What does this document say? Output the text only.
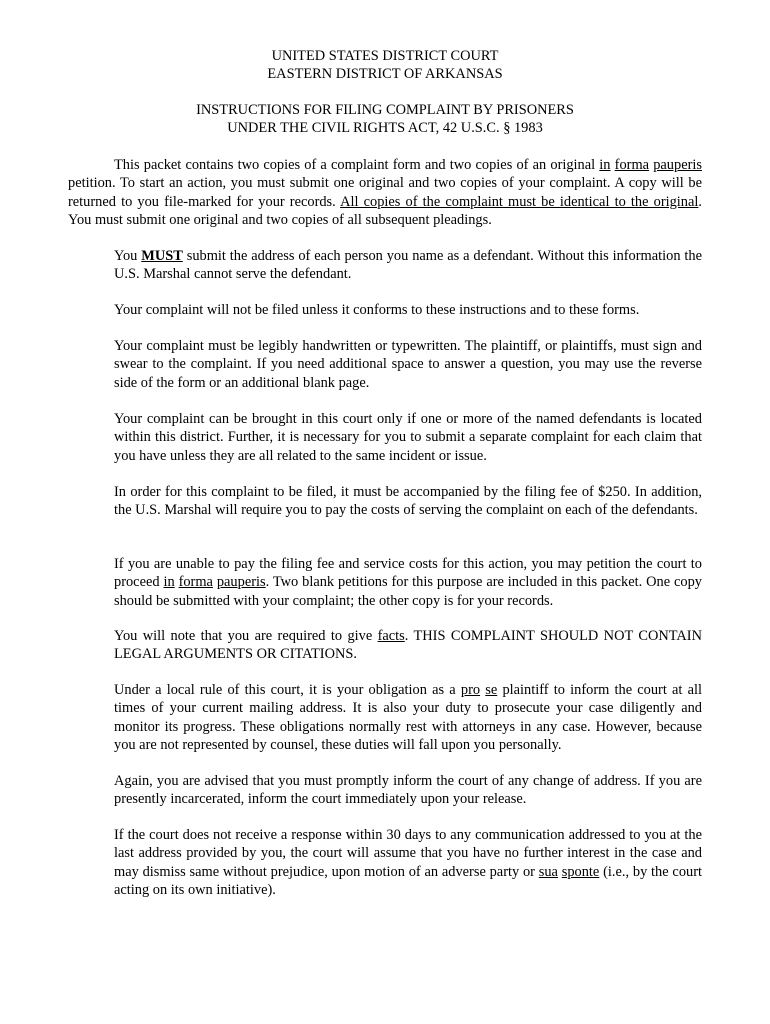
UNITED STATES DISTRICT COURT
EASTERN DISTRICT OF ARKANSAS
INSTRUCTIONS FOR FILING COMPLAINT BY PRISONERS
UNDER THE CIVIL RIGHTS ACT, 42 U.S.C. § 1983
This packet contains two copies of a complaint form and two copies of an original in forma pauperis petition. To start an action, you must submit one original and two copies of your complaint. A copy will be returned to you file-marked for your records. All copies of the complaint must be identical to the original. You must submit one original and two copies of all subsequent pleadings.
You MUST submit the address of each person you name as a defendant. Without this information the U.S. Marshal cannot serve the defendant.
Your complaint will not be filed unless it conforms to these instructions and to these forms.
Your complaint must be legibly handwritten or typewritten. The plaintiff, or plaintiffs, must sign and swear to the complaint. If you need additional space to answer a question, you may use the reverse side of the form or an additional blank page.
Your complaint can be brought in this court only if one or more of the named defendants is located within this district. Further, it is necessary for you to submit a separate complaint for each claim that you have unless they are all related to the same incident or issue.
In order for this complaint to be filed, it must be accompanied by the filing fee of $250. In addition, the U.S. Marshal will require you to pay the costs of serving the complaint on each of the defendants.
If you are unable to pay the filing fee and service costs for this action, you may petition the court to proceed in forma pauperis. Two blank petitions for this purpose are included in this packet. One copy should be submitted with your complaint; the other copy is for your records.
You will note that you are required to give facts. THIS COMPLAINT SHOULD NOT CONTAIN LEGAL ARGUMENTS OR CITATIONS.
Under a local rule of this court, it is your obligation as a pro se plaintiff to inform the court at all times of your current mailing address. It is also your duty to prosecute your case diligently and monitor its progress. These obligations normally rest with attorneys in any case. However, because you are not represented by counsel, these duties will fall upon you personally.
Again, you are advised that you must promptly inform the court of any change of address. If you are presently incarcerated, inform the court immediately upon your release.
If the court does not receive a response within 30 days to any communication addressed to you at the last address provided by you, the court will assume that you have no further interest in the case and may dismiss same without prejudice, upon motion of an adverse party or sua sponte (i.e., by the court acting on its own initiative).
